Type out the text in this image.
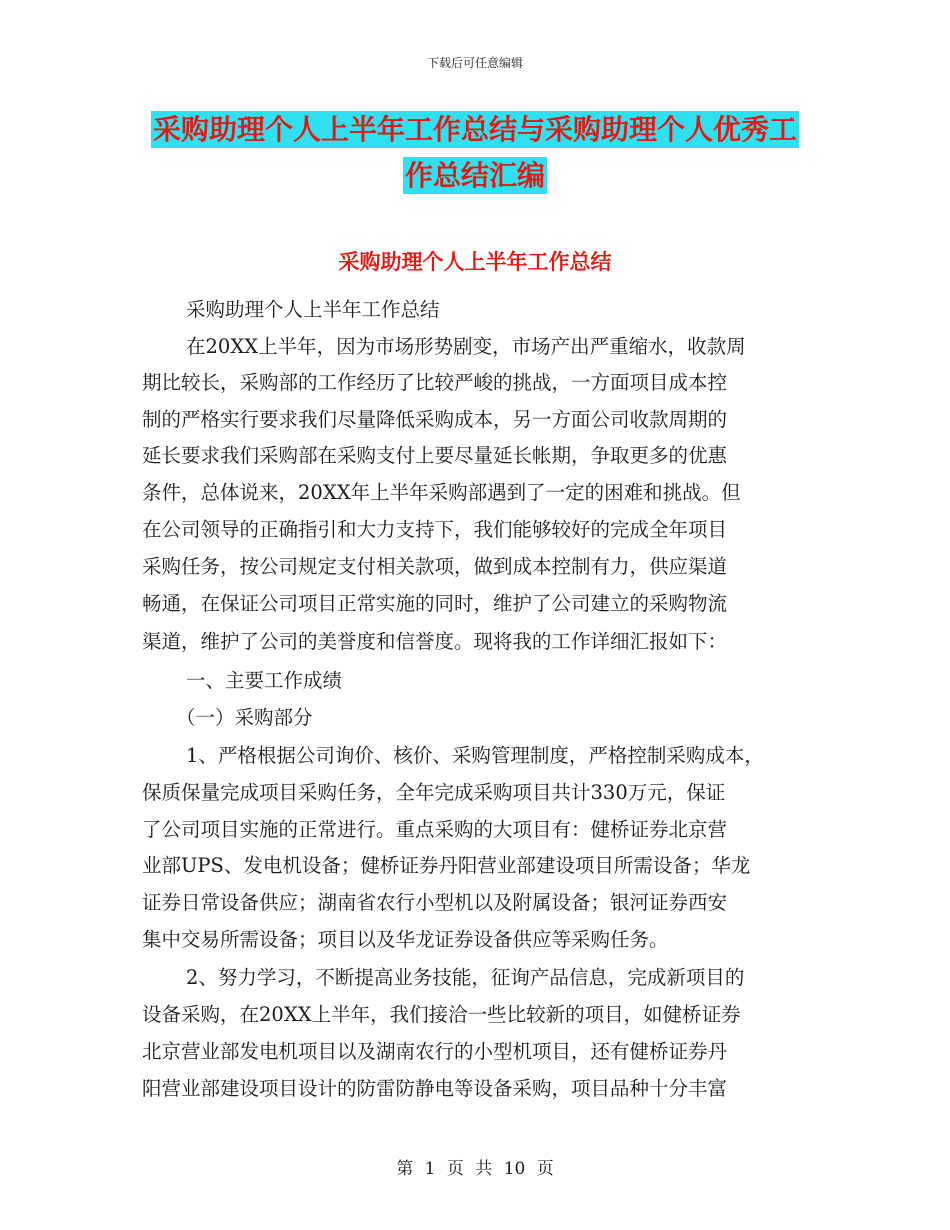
下载后可任意编辑
采购助理个人上半年工作总结与采购助理个人优秀工
作总结汇编
采购助理个人上半年工作总结
采购助理个人上半年工作总结
在20XX上半年，因为市场形势剧变，市场产出严重缩水，收款周
期比较长，采购部的工作经历了比较严峻的挑战，一方面项目成本控
制的严格实行要求我们尽量降低采购成本，另一方面公司收款周期的
延长要求我们采购部在采购支付上要尽量延长帐期，争取更多的优惠
条件，总体说来，20XX年上半年采购部遇到了一定的困难和挑战。但
在公司领导的正确指引和大力支持下，我们能够较好的完成全年项目
采购任务，按公司规定支付相关款项，做到成本控制有力，供应渠道
畅通，在保证公司项目正常实施的同时，维护了公司建立的采购物流
渠道，维护了公司的美誉度和信誉度。现将我的工作详细汇报如下：
一、主要工作成绩
（一）采购部分
1、严格根据公司询价、核价、采购管理制度，严格控制采购成本，
保质保量完成项目采购任务，全年完成采购项目共计330万元，保证
了公司项目实施的正常进行。重点采购的大项目有：健桥证券北京营
业部UPS、发电机设备；健桥证券丹阳营业部建设项目所需设备；华龙
证券日常设备供应；湖南省农行小型机以及附属设备；银河证券西安
集中交易所需设备；项目以及华龙证券设备供应等采购任务。
2、努力学习，不断提高业务技能，征询产品信息，完成新项目的
设备采购，在20XX上半年，我们接洽一些比较新的项目，如健桥证券
北京营业部发电机项目以及湖南农行的小型机项目，还有健桥证券丹
阳营业部建设项目设计的防雷防静电等设备采购，项目品种十分丰富
第 1 页 共 10 页
